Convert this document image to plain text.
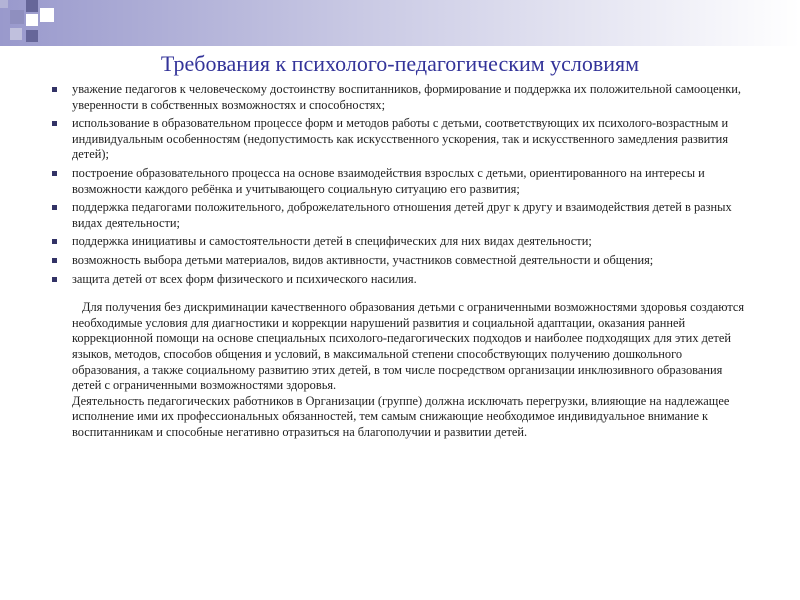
Требования к психолого-педагогическим условиям
уважение педагогов к человеческому достоинству воспитанников, формирование и поддержка их положительной самооценки, уверенности в собственных возможностях и способностях;
использование в образовательном процессе форм и методов работы с детьми, соответствующих их психолого-возрастным и индивидуальным особенностям (недопустимость как искусственного ускорения, так и искусственного замедления развития детей);
построение образовательного процесса на основе взаимодействия взрослых с детьми, ориентированного на интересы и возможности каждого ребёнка и учитывающего социальную ситуацию его развития;
поддержка педагогами положительного, доброжелательного отношения детей друг к другу и взаимодействия детей в разных видах деятельности;
поддержка инициативы и самостоятельности детей в специфических для них видах деятельности;
возможность выбора детьми материалов, видов активности, участников совместной деятельности и общения;
защита детей от всех форм физического и психического насилия.

Для получения без дискриминации качественного образования детьми с ограниченными возможностями здоровья создаются необходимые условия для диагностики и коррекции нарушений развития и социальной адаптации, оказания ранней коррекционной помощи на основе специальных психолого-педагогических подходов и наиболее подходящих для этих детей языков, методов, способов общения и условий, в максимальной степени способствующих получению дошкольного образования, а также социальному развитию этих детей, в том числе посредством организации инклюзивного образования детей с ограниченными возможностями здоровья.

Деятельность педагогических работников в Организации (группе) должна исключать перегрузки, влияющие на надлежащее исполнение ими их профессиональных обязанностей, тем самым снижающие необходимое индивидуальное внимание к воспитанникам и способные негативно отразиться на благополучии и развитии детей.
